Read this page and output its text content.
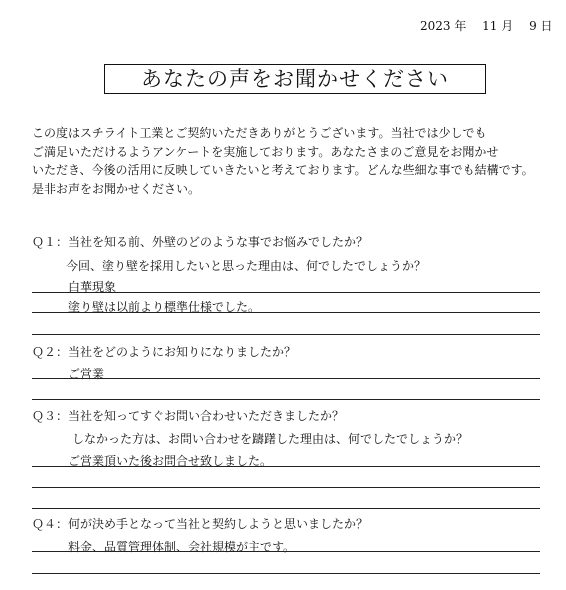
2023 年　 11 月　 9 日
あなたの声をお聞かせください
この度はスチライト工業とご契約いただきありがとうございます。当社では少しでも
ご満足いただけるようアンケートを実施しております。あなたさまのご意見をお聞かせ
いただき、今後の活用に反映していきたいと考えております。どんな些細な事でも結構です。
是非お声をお聞かせください。
Ｑ１：当社を知る前、外壁のどのような事でお悩みでしたか？
今回、塗り壁を採用したいと思った理由は、何でしたでしょうか？
白華現象
塗り壁は以前より標準仕様でした。
Ｑ２：当社をどのようにお知りになりましたか？
ご営業
Ｑ３：当社を知ってすぐお問い合わせいただきましたか？
しなかった方は、お問い合わせを躊躇した理由は、何でしたでしょうか？
ご営業頂いた後お問合せ致しました。
Ｑ４：何が決め手となって当社と契約しようと思いましたか？
料金、品質管理体制、会社規模が主です。
